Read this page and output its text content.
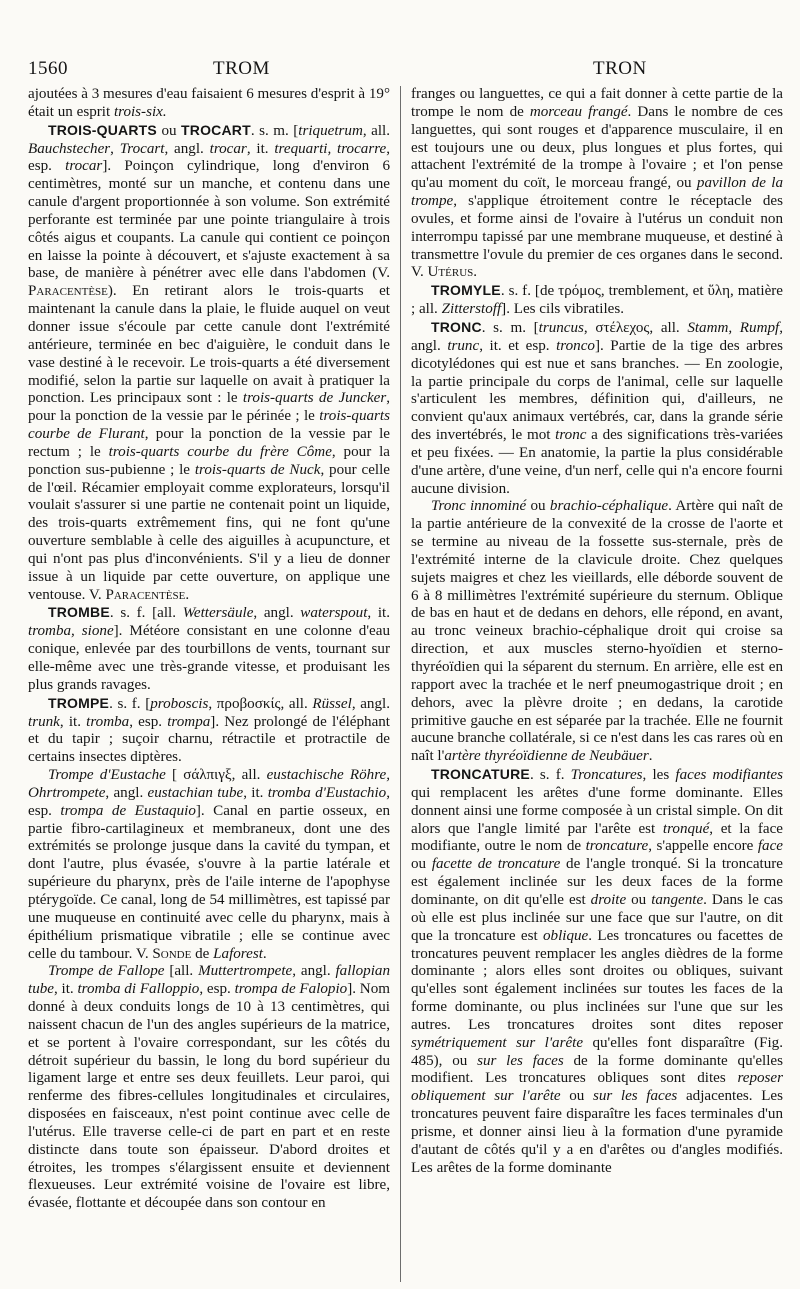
1560	TROM	TRON

ajoutées à 3 mesures d'eau faisaient 6 mesures d'esprit à 19° était un esprit trois-six.

TROIS-QUARTS ou TROCART. s. m. [triquetrum, all. Bauchstecher, Trocart, angl. trocar, it. trequarti, trocarre, esp. trocar]. Poinçon cylindrique, long d'environ 6 centimètres, monté sur un manche, et contenu dans une canule d'argent proportionnée à son volume. Son extrémité perforante est terminée par une pointe triangulaire à trois côtés aigus et coupants. La canule qui contient ce poinçon en laisse la pointe à découvert, et s'ajuste exactement à sa base, de manière à pénétrer avec elle dans l'abdomen (V. Paracentèse). En retirant alors le trois-quarts et maintenant la canule dans la plaie, le fluide auquel on veut donner issue s'écoule par cette canule dont l'extrémité antérieure, terminée en bec d'aiguière, le conduit dans le vase destiné à le recevoir. Le trois-quarts a été diversement modifié, selon la partie sur laquelle on avait à pratiquer la ponction. Les principaux sont : le trois-quarts de Juncker, pour la ponction de la vessie par le périnée ; le trois-quarts courbe de Flurant, pour la ponction de la vessie par le rectum ; le trois-quarts courbe du frère Côme, pour la ponction sus-pubienne ; le trois-quarts de Nuck, pour celle de l'œil. Récamier employait comme explorateurs, lorsqu'il voulait s'assurer si une partie ne contenait point un liquide, des trois-quarts extrêmement fins, qui ne font qu'une ouverture semblable à celle des aiguilles à acupuncture, et qui n'ont pas plus d'inconvénients. S'il y a lieu de donner issue à un liquide par cette ouverture, on applique une ventouse. V. Paracentèse.

TROMBE. s. f. [all. Wettersäule, angl. waterspout, it. tromba, sione]. Météore consistant en une colonne d'eau conique, enlevée par des tourbillons de vents, tournant sur elle-même avec une très-grande vitesse, et produisant les plus grands ravages.

TROMPE. s. f. [proboscis, προβοσκίς, all. Rüssel, angl. trunk, it. tromba, esp. trompa]. Nez prolongé de l'éléphant et du tapir ; suçoir charnu, rétractile et protractile de certains insectes diptères.

Trompe d'Eustache [ σάλπιγξ, all. eustachische Röhre, Ohrtrompete, angl. eustachian tube, it. tromba d'Eustachio, esp. trompa de Eustaquio]. Canal en partie osseux, en partie fibro-cartilagineux et membraneux, dont une des extrémités se prolonge jusque dans la cavité du tympan, et dont l'autre, plus évasée, s'ouvre à la partie latérale et supérieure du pharynx, près de l'aile interne de l'apophyse ptérygoïde. Ce canal, long de 54 millimètres, est tapissé par une muqueuse en continuité avec celle du pharynx, mais à épithélium prismatique vibratile ; elle se continue avec celle du tambour. V. Sonde de Laforest.

Trompe de Fallope [all. Muttertrompete, angl. fallopian tube, it. tromba di Falloppio, esp. trompa de Falopio]. Nom donné à deux conduits longs de 10 à 13 centimètres, qui naissent chacun de l'un des angles supérieurs de la matrice, et se portent à l'ovaire correspondant, sur les côtés du détroit supérieur du bassin, le long du bord supérieur du ligament large et entre ses deux feuillets. Leur paroi, qui renferme des fibres-cellules longitudinales et circulaires, disposées en faisceaux, n'est point continue avec celle de l'utérus. Elle traverse celle-ci de part en part et en reste distincte dans toute son épaisseur. D'abord droites et étroites, les trompes s'élargissent ensuite et deviennent flexueuses. Leur extrémité voisine de l'ovaire est libre, évasée, flottante et découpée dans son contour en

franges ou languettes, ce qui a fait donner à cette partie de la trompe le nom de morceau frangé. Dans le nombre de ces languettes, qui sont rouges et d'apparence musculaire, il en est toujours une ou deux, plus longues et plus fortes, qui attachent l'extrémité de la trompe à l'ovaire ; et l'on pense qu'au moment du coït, le morceau frangé, ou pavillon de la trompe, s'applique étroitement contre le réceptacle des ovules, et forme ainsi de l'ovaire à l'utérus un conduit non interrompu tapissé par une membrane muqueuse, et destiné à transmettre l'ovule du premier de ces organes dans le second. V. Utérus.

TROMYLE. s. f. [de τρόμος, tremblement, et ὕλη, matière ; all. Zitterstoff]. Les cils vibratiles.

TRONC. s. m. [truncus, στέλεχος, all. Stamm, Rumpf, angl. trunc, it. et esp. tronco]. Partie de la tige des arbres dicotylédones qui est nue et sans branches. — En zoologie, la partie principale du corps de l'animal, celle sur laquelle s'articulent les membres, définition qui, d'ailleurs, ne convient qu'aux animaux vertébrés, car, dans la grande série des invertébrés, le mot tronc a des significations très-variées et peu fixées. — En anatomie, la partie la plus considérable d'une artère, d'une veine, d'un nerf, celle qui n'a encore fourni aucune division.

Tronc innominé ou brachio-céphalique. Artère qui naît de la partie antérieure de la convexité de la crosse de l'aorte et se termine au niveau de la fossette sus-sternale, près de l'extrémité interne de la clavicule droite. Chez quelques sujets maigres et chez les vieillards, elle déborde souvent de 6 à 8 millimètres l'extrémité supérieure du sternum. Oblique de bas en haut et de dedans en dehors, elle répond, en avant, au tronc veineux brachio-céphalique droit qui croise sa direction, et aux muscles sterno-hyoïdien et sterno-thyréoïdien qui la séparent du sternum. En arrière, elle est en rapport avec la trachée et le nerf pneumogastrique droit ; en dehors, avec la plèvre droite ; en dedans, la carotide primitive gauche en est séparée par la trachée. Elle ne fournit aucune branche collatérale, si ce n'est dans les cas rares où en naît l'artère thyréoïdienne de Neubäuer.

TRONCATURE. s. f. Troncatures, les faces modifiantes qui remplacent les arêtes d'une forme dominante. Elles donnent ainsi une forme composée à un cristal simple. On dit alors que l'angle limité par l'arête est tronqué, et la face modifiante, outre le nom de troncature, s'appelle encore face ou facette de troncature de l'angle tronqué. Si la troncature est également inclinée sur les deux faces de la forme dominante, on dit qu'elle est droite ou tangente. Dans le cas où elle est plus inclinée sur une face que sur l'autre, on dit que la troncature est oblique. Les troncatures ou facettes de troncatures peuvent remplacer les angles dièdres de la forme dominante ; alors elles sont droites ou obliques, suivant qu'elles sont également inclinées sur toutes les faces de la forme dominante, ou plus inclinées sur l'une que sur les autres. Les troncatures droites sont dites reposer symétriquement sur l'arête qu'elles font disparaître (Fig. 485), ou sur les faces de la forme dominante qu'elles modifient. Les troncatures obliques sont dites reposer obliquement sur l'arête ou sur les faces adjacentes. Les troncatures peuvent faire disparaître les faces terminales d'un prisme, et donner ainsi lieu à la formation d'une pyramide d'autant de côtés qu'il y a en d'arêtes ou d'angles modifiés. Les arêtes de la forme dominante
